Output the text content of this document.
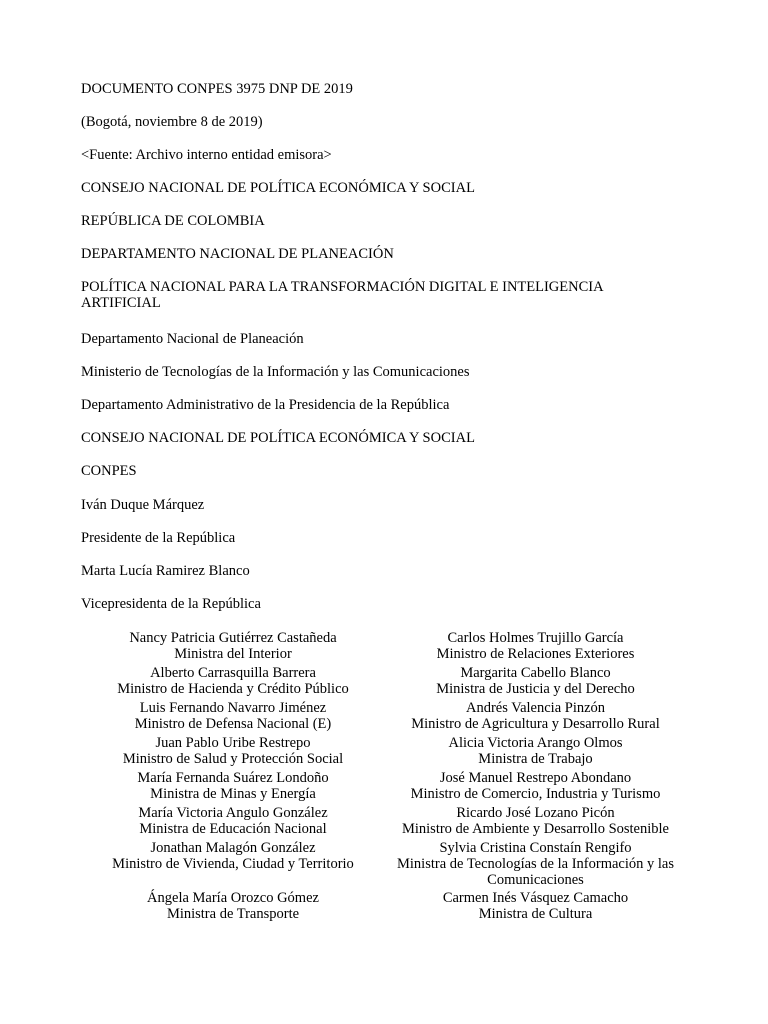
DOCUMENTO CONPES 3975 DNP DE 2019
(Bogotá, noviembre 8 de 2019)
<Fuente: Archivo interno entidad emisora>
CONSEJO NACIONAL DE POLÍTICA ECONÓMICA Y SOCIAL
REPÚBLICA DE COLOMBIA
DEPARTAMENTO NACIONAL DE PLANEACIÓN
POLÍTICA NACIONAL PARA LA TRANSFORMACIÓN DIGITAL E INTELIGENCIA ARTIFICIAL
Departamento Nacional de Planeación
Ministerio de Tecnologías de la Información y las Comunicaciones
Departamento Administrativo de la Presidencia de la República
CONSEJO NACIONAL DE POLÍTICA ECONÓMICA Y SOCIAL
CONPES
Iván Duque Márquez
Presidente de la República
Marta Lucía Ramirez Blanco
Vicepresidenta de la República
Nancy Patricia Gutiérrez Castañeda
Ministra del Interior
Alberto Carrasquilla Barrera
Ministro de Hacienda y Crédito Público
Luis Fernando Navarro Jiménez
Ministro de Defensa Nacional (E)
Juan Pablo Uribe Restrepo
Ministro de Salud y Protección Social
María Fernanda Suárez Londoño
Ministra de Minas y Energía
María Victoria Angulo González
Ministra de Educación Nacional
Jonathan Malagón González
Ministro de Vivienda, Ciudad y Territorio
Ángela María Orozco Gómez
Ministra de Transporte
Carlos Holmes Trujillo García
Ministro de Relaciones Exteriores
Margarita Cabello Blanco
Ministra de Justicia y del Derecho
Andrés Valencia Pinzón
Ministro de Agricultura y Desarrollo Rural
Alicia Victoria Arango Olmos
Ministra de Trabajo
José Manuel Restrepo Abondano
Ministro de Comercio, Industria y Turismo
Ricardo José Lozano Picón
Ministro de Ambiente y Desarrollo Sostenible
Sylvia Cristina Constaín Rengifo
Ministra de Tecnologías de la Información y las Comunicaciones
Carmen Inés Vásquez Camacho
Ministra de Cultura
